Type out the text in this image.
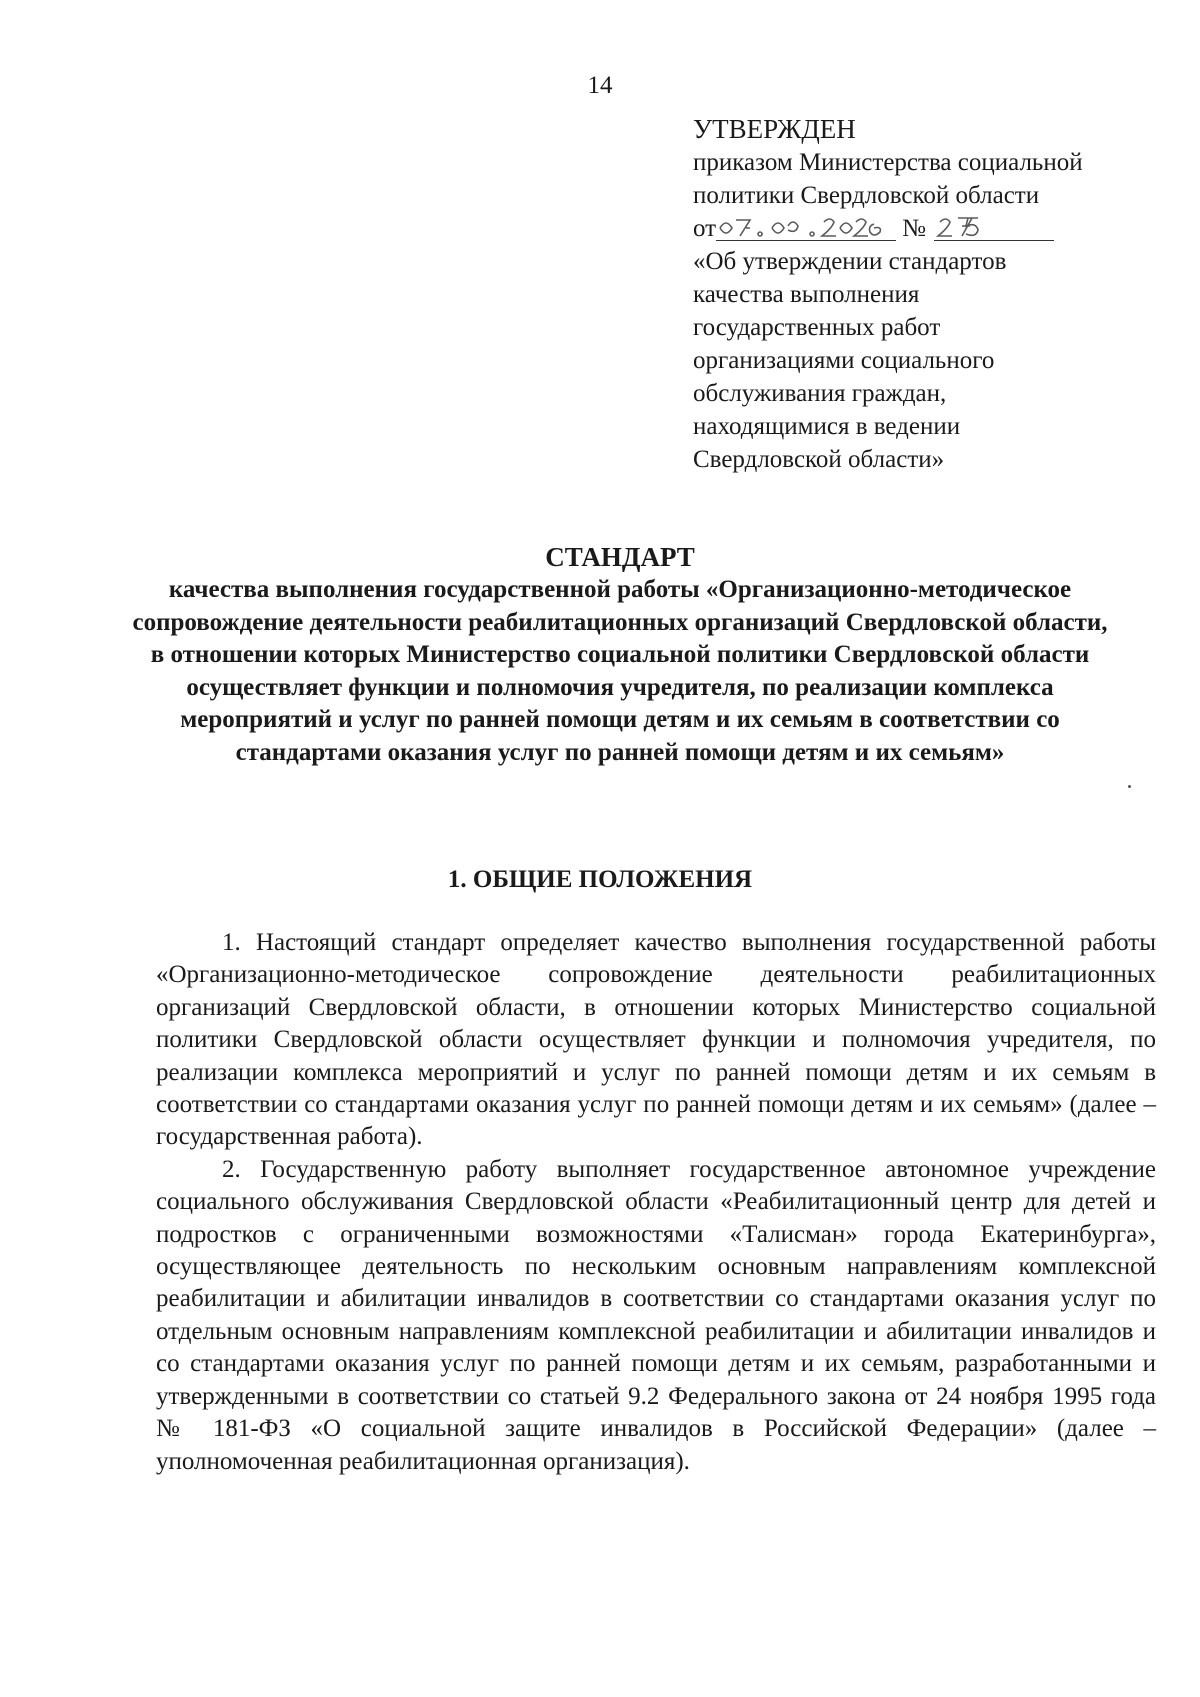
14
УТВЕРЖДЕН
приказом Министерства социальной
политики Свердловской области
от	№
«Об утверждении стандартов
качества выполнения
государственных работ
организациями социального
обслуживания граждан,
находящимися в ведении
Свердловской области»
СТАНДАРТ
качества выполнения государственной работы «Организационно-методическое сопровождение деятельности реабилитационных организаций Свердловской области, в отношении которых Министерство социальной политики Свердловской области осуществляет функции и полномочия учредителя, по реализации комплекса мероприятий и услуг по ранней помощи детям и их семьям в соответствии со стандартами оказания услуг по ранней помощи детям и их семьям»
1. ОБЩИЕ ПОЛОЖЕНИЯ

1. Настоящий стандарт определяет качество выполнения государственной работы «Организационно-методическое сопровождение деятельности реабилитационных организаций Свердловской области, в отношении которых Министерство социальной политики Свердловской области осуществляет функции и полномочия учредителя, по реализации комплекса мероприятий и услуг по ранней помощи детям и их семьям в соответствии со стандартами оказания услуг по ранней помощи детям и их семьям» (далее – государственная работа).

2. Государственную работу выполняет государственное автономное учреждение социального обслуживания Свердловской области «Реабилитационный центр для детей и подростков с ограниченными возможностями «Талисман» города Екатеринбурга», осуществляющее деятельность по нескольким основным направлениям комплексной реабилитации и абилитации инвалидов в соответствии со стандартами оказания услуг по отдельным основным направлениям комплексной реабилитации и абилитации инвалидов и со стандартами оказания услуг по ранней помощи детям и их семьям, разработанными и утвержденными в соответствии со статьей 9.2 Федерального закона от 24 ноября 1995 года № 181-ФЗ «О социальной защите инвалидов в Российской Федерации» (далее – уполномоченная реабилитационная организация).
